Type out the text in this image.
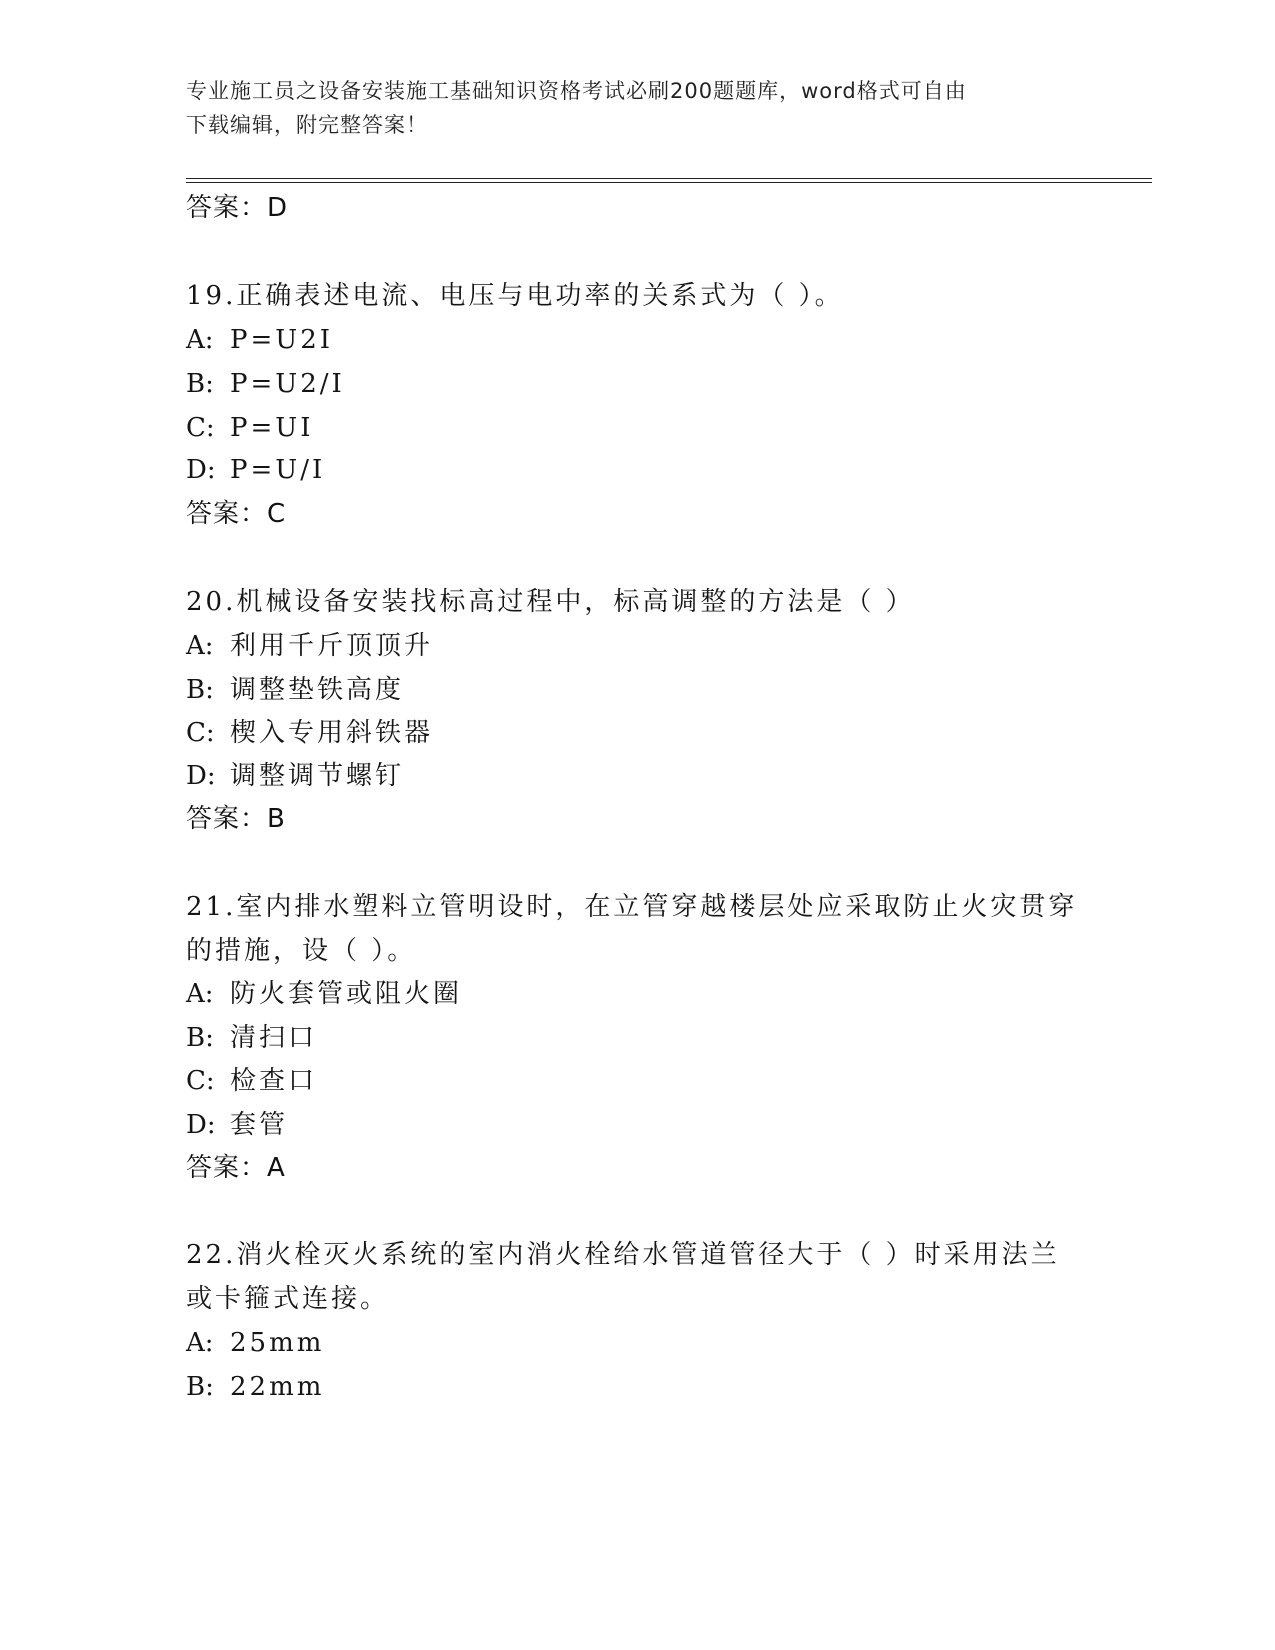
专业施工员之设备安装施工基础知识资格考试必刷200题题库，word格式可自由
下载编辑，附完整答案！
答案：D
19.正确表述电流、电压与电功率的关系式为（ ）。
A: P=U2I
B: P=U2/I
C: P=UI
D: P=U/I
答案：C
20.机械设备安装找标高过程中，标高调整的方法是（ ）
A: 利用千斤顶顶升
B: 调整垫铁高度
C: 楔入专用斜铁器
D: 调整调节螺钉
答案：B
21.室内排水塑料立管明设时，在立管穿越楼层处应采取防止火灾贯穿
的措施，设（ ）。
A: 防火套管或阻火圈
B: 清扫口
C: 检查口
D: 套管
答案：A
22.消火栓灭火系统的室内消火栓给水管道管径大于（ ）时采用法兰
或卡箍式连接。
A: 25mm
B: 22mm
